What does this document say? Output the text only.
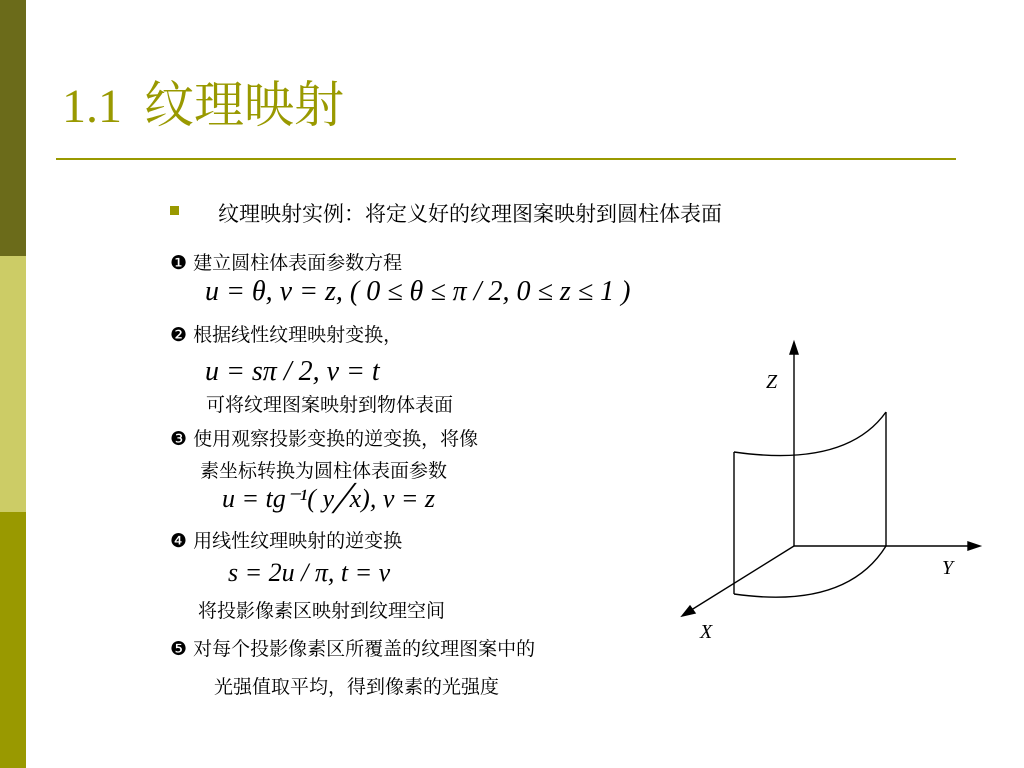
1.1 纹理映射
纹理映射实例：将定义好的纹理图案映射到圆柱体表面
❶ 建立圆柱体表面参数方程
u = θ, v = z, ( 0 ≤ θ ≤ π / 2, 0 ≤ z ≤ 1 )
❷ 根据线性纹理映射变换，
u = sπ / 2, v = t
可将纹理图案映射到物体表面
❸ 使用观察投影变换的逆变换，将像
素坐标转换为圆柱体表面参数
u = tg⁻¹( y╱x), v = z
❹ 用线性纹理映射的逆变换
s = 2u / π, t = v
将投影像素区映射到纹理空间
❺ 对每个投影像素区所覆盖的纹理图案中的
光强值取平均，得到像素的光强度
Z
Y
X
